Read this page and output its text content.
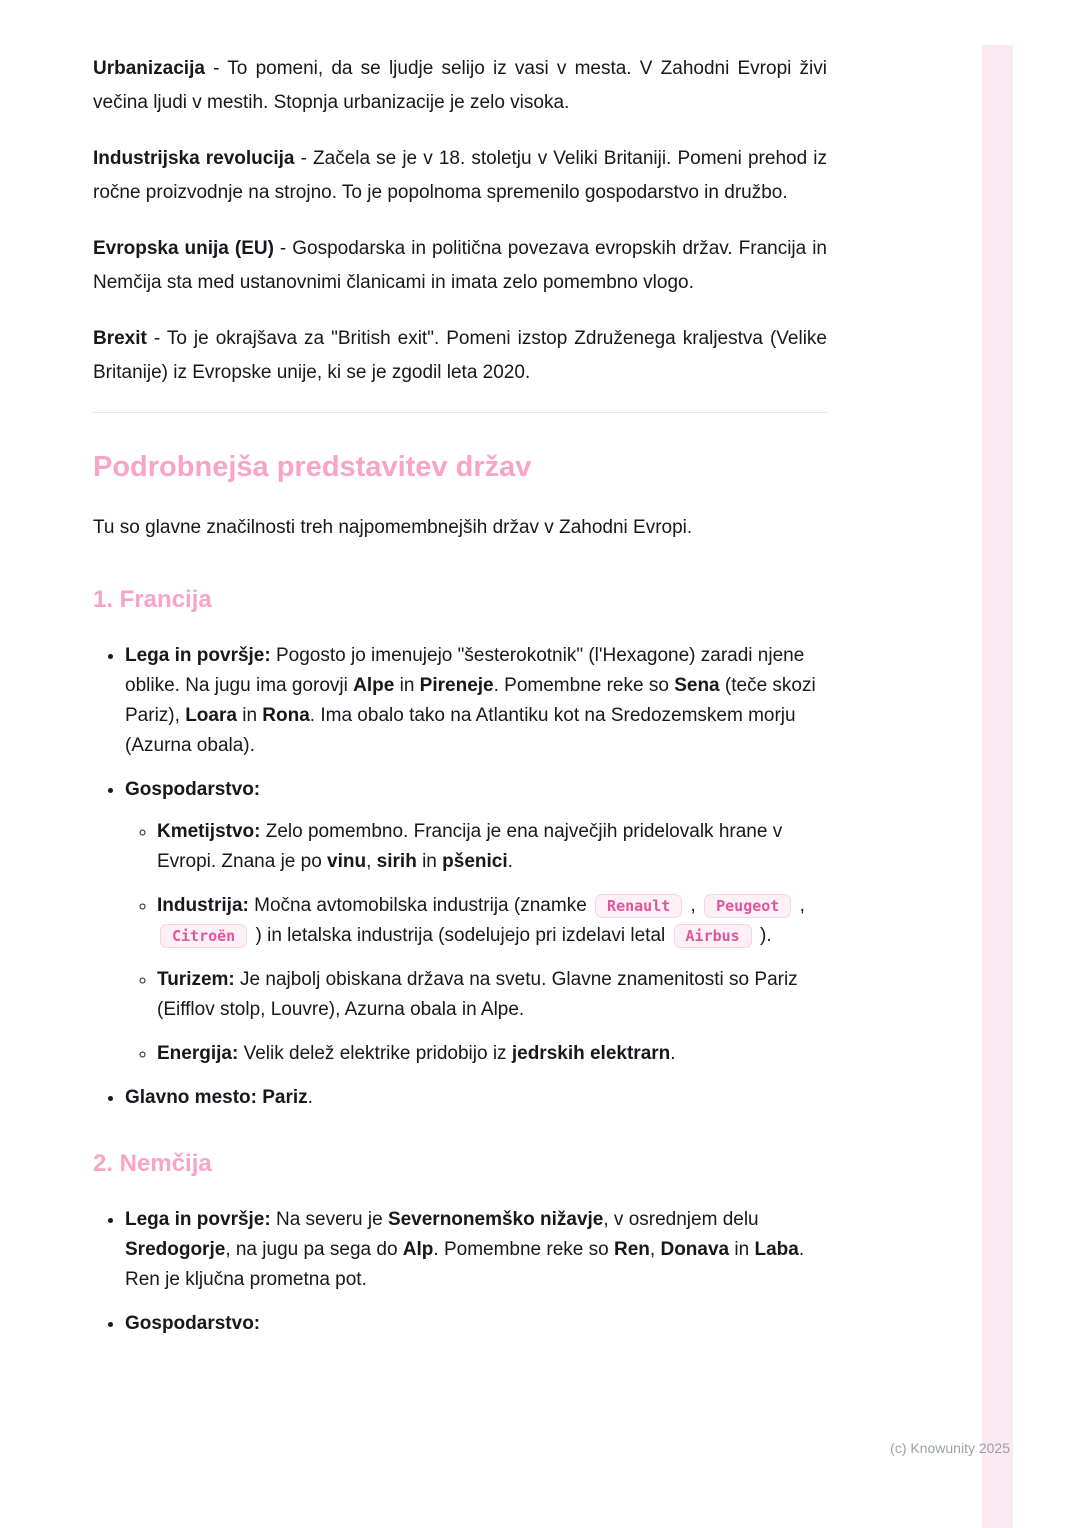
(c) Knowunity 2025

Urbanizacija - To pomeni, da se ljudje selijo iz vasi v mesta. V Zahodni Evropi živi večina ljudi v mestih. Stopnja urbanizacije je zelo visoka.

Industrijska revolucija - Začela se je v 18. stoletju v Veliki Britaniji. Pomeni prehod iz ročne proizvodnje na strojno. To je popolnoma spremenilo gospodarstvo in družbo.

Evropska unija (EU) - Gospodarska in politična povezava evropskih držav. Francija in Nemčija sta med ustanovnimi članicami in imata zelo pomembno vlogo.

Brexit - To je okrajšava za "British exit". Pomeni izstop Združenega kraljestva (Velike Britanije) iz Evropske unije, ki se je zgodil leta 2020.

Podrobnejša predstavitev držav

Tu so glavne značilnosti treh najpomembnejših držav v Zahodni Evropi.

1. Francija
• Lega in površje: Pogosto jo imenujejo "šesterokotnik" (l'Hexagone) zaradi njene oblike. Na jugu ima gorovji Alpe in Pireneje. Pomembne reke so Sena (teče skozi Pariz), Loara in Rona. Ima obalo tako na Atlantiku kot na Sredozemskem morju (Azurna obala).
• Gospodarstvo:
◦ Kmetijstvo: Zelo pomembno. Francija je ena največjih pridelovalk hrane v Evropi. Znana je po vinu, sirih in pšenici.
◦ Industrija: Močna avtomobilska industrija (znamke Renault , Peugeot , Citroën ) in letalska industrija (sodelujejo pri izdelavi letal Airbus ).
◦ Turizem: Je najbolj obiskana država na svetu. Glavne znamenitosti so Pariz (Eifflov stolp, Louvre), Azurna obala in Alpe.
◦ Energija: Velik delež elektrike pridobijo iz jedrskih elektrarn.
• Glavno mesto: Pariz.
2. Nemčija
• Lega in površje: Na severu je Severnonemško nižavje, v osrednjem delu Sredogorje, na jugu pa sega do Alp. Pomembne reke so Ren, Donava in Laba. Ren je ključna prometna pot.
• Gospodarstvo:
